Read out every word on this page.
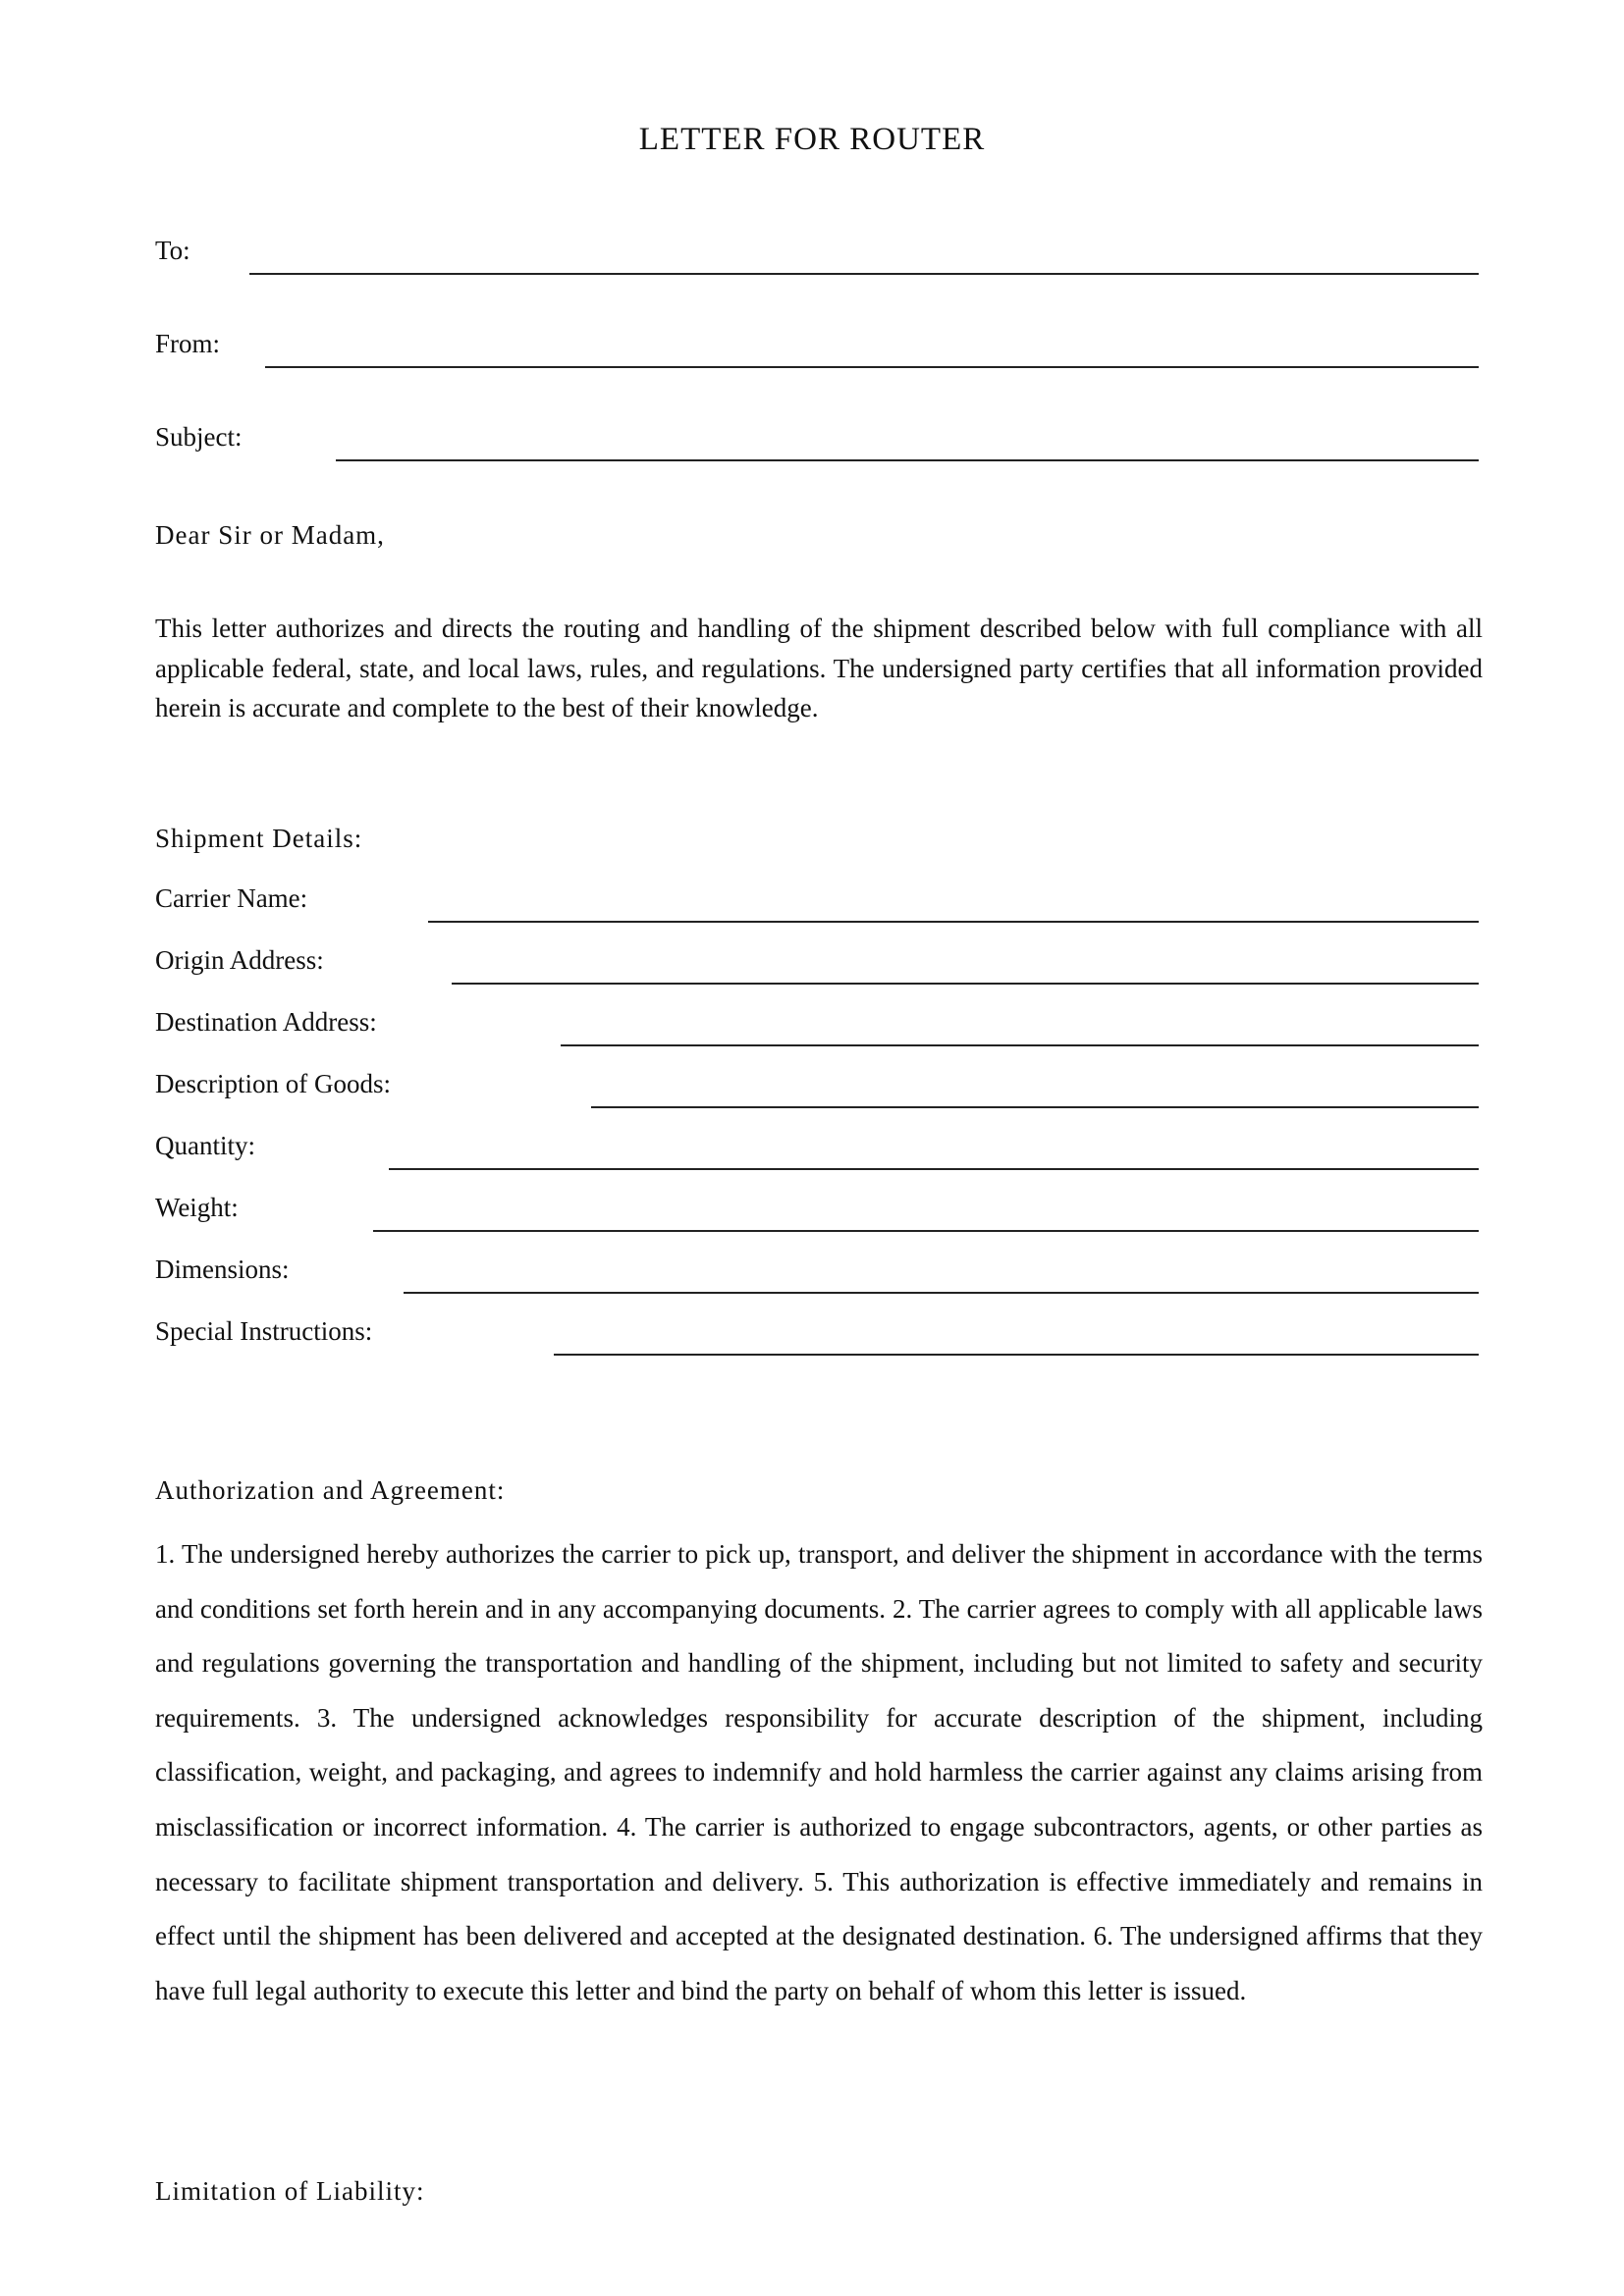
LETTER FOR ROUTER
To:
From:
Subject:
Dear Sir or Madam,
This letter authorizes and directs the routing and handling of the shipment described below with full compliance with all applicable federal, state, and local laws, rules, and regulations. The undersigned party certifies that all information provided herein is accurate and complete to the best of their knowledge.
Shipment Details:
Carrier Name:
Origin Address:
Destination Address:
Description of Goods:
Quantity:
Weight:
Dimensions:
Special Instructions:
Authorization and Agreement:
1. The undersigned hereby authorizes the carrier to pick up, transport, and deliver the shipment in accordance with the terms and conditions set forth herein and in any accompanying documents. 2. The carrier agrees to comply with all applicable laws and regulations governing the transportation and handling of the shipment, including but not limited to safety and security requirements. 3. The undersigned acknowledges responsibility for accurate description of the shipment, including classification, weight, and packaging, and agrees to indemnify and hold harmless the carrier against any claims arising from misclassification or incorrect information. 4. The carrier is authorized to engage subcontractors, agents, or other parties as necessary to facilitate shipment transportation and delivery. 5. This authorization is effective immediately and remains in effect until the shipment has been delivered and accepted at the designated destination. 6. The undersigned affirms that they have full legal authority to execute this letter and bind the party on behalf of whom this letter is issued.
Limitation of Liability:
